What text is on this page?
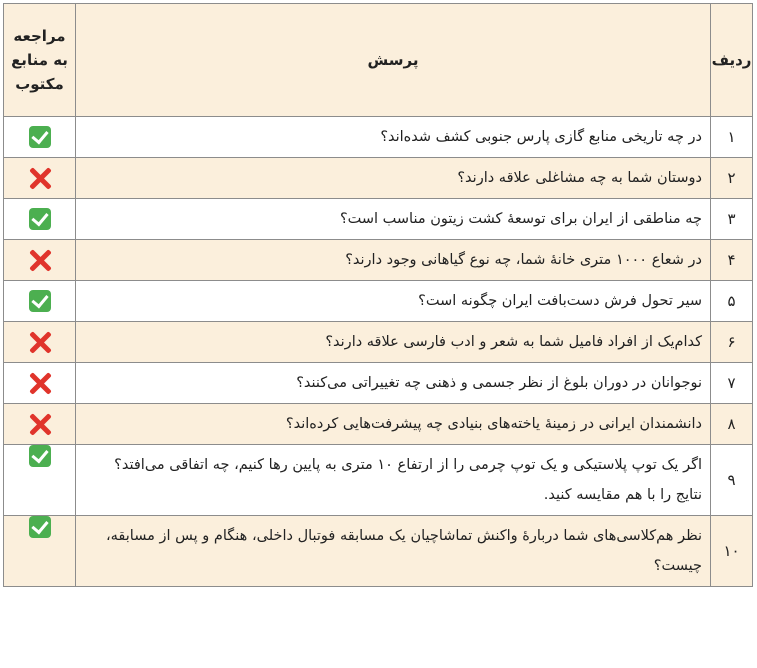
ردیف	پرسش	مراجعه
به منابع
مکتوب

۱	در چه تاریخی منابع گازی پارس جنوبی کشف شده‌اند؟	
۲	دوستان شما به چه مشاغلی علاقه دارند؟	
۳	چه مناطقی از ایران برای توسعهٔ کشت زیتون مناسب است؟	
۴	در شعاع ۱۰۰۰ متری خانهٔ شما، چه نوع گیاهانی وجود دارند؟	
۵	سیر تحول فرش دست‌بافت ایران چگونه است؟	
۶	کدام‌یک از افراد فامیل شما به شعر و ادب فارسی علاقه دارند؟	
۷	نوجوانان در دوران بلوغ از نظر جسمی و ذهنی چه تغییراتی می‌کنند؟	
۸	دانشمندان ایرانی در زمینهٔ یاخته‌های بنیادی چه پیشرفت‌هایی کرده‌اند؟	
۹	اگر یک توپ پلاستیکی و یک توپ چرمی را از ارتفاع ۱۰ متری به پایین رها کنیم، چه اتفاقی می‌افتد؟ نتایج را با هم مقایسه کنید.	
۱۰	نظر هم‌کلاسی‌های شما دربارهٔ واکنش تماشاچیان یک مسابقه فوتبال داخلی، هنگام و پس از مسابقه، چیست؟	
